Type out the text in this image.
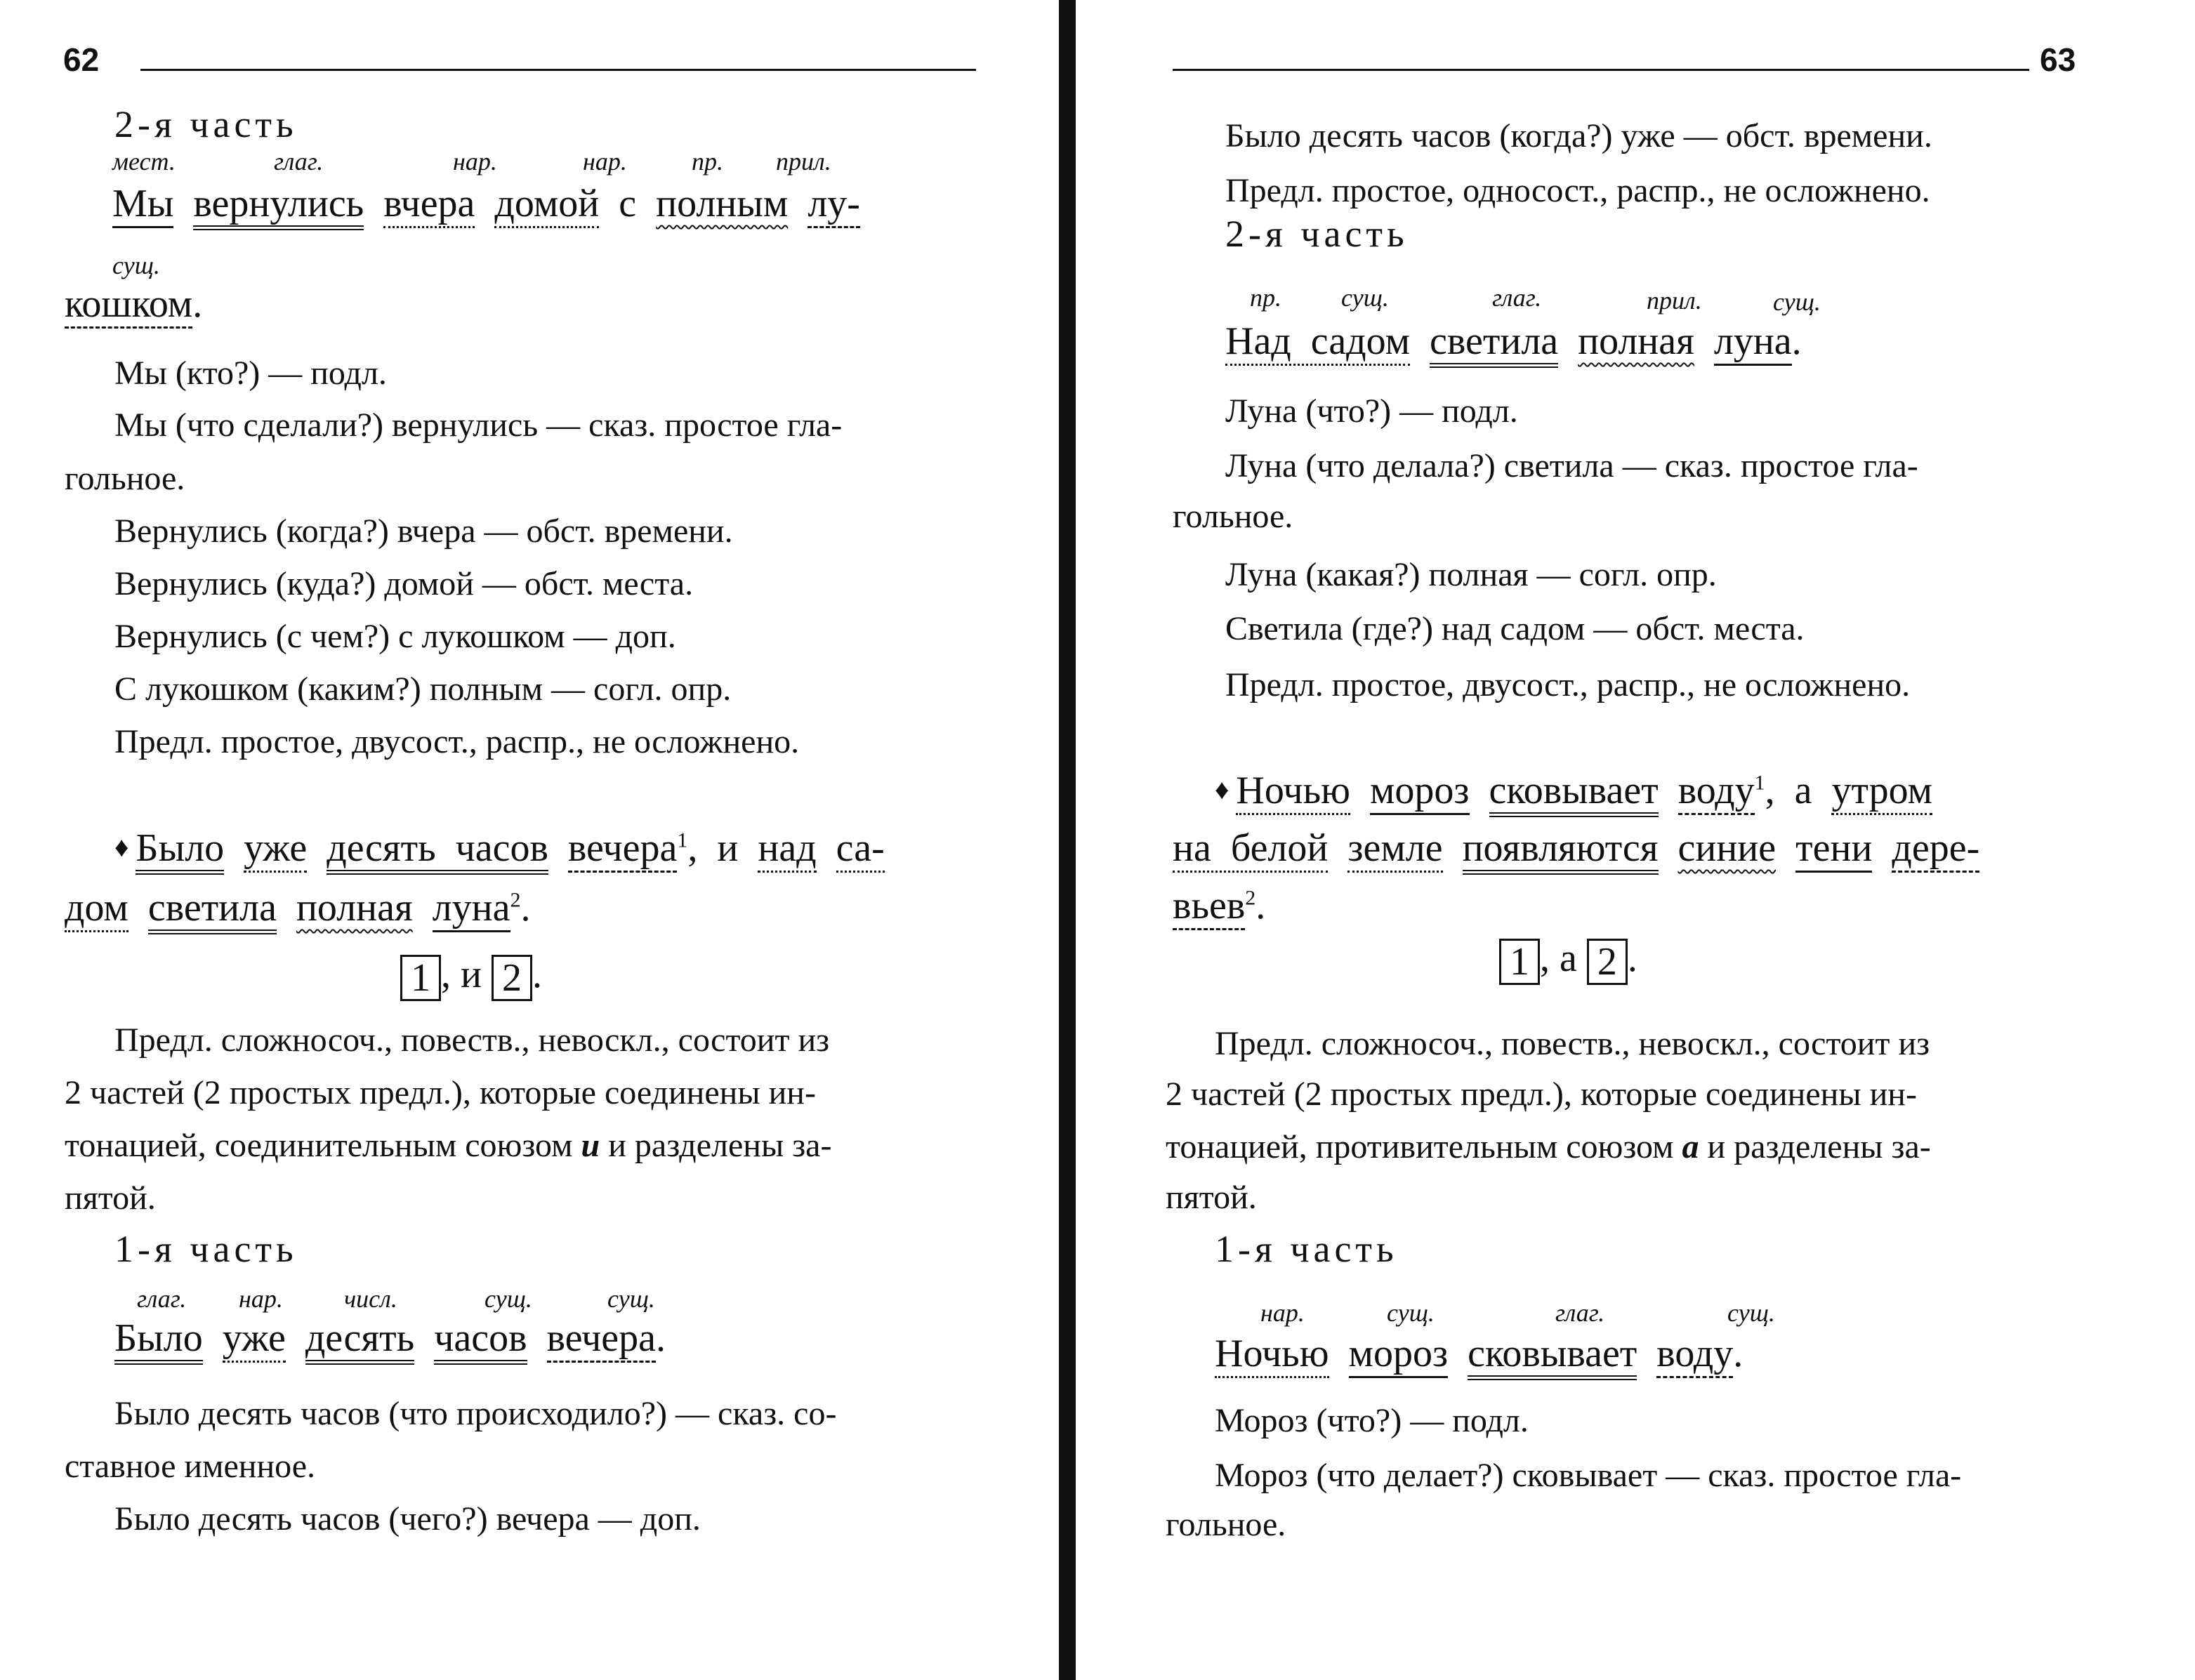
62
2-я часть
мест.	глаг.	нар.	нар.	пр. прил.
Мы вернулись вчера домой с полным лу-
сущ.
кошком.
Мы (кто?) — подл.
Мы (что сделали?) вернулись — сказ. простое гла-
гольное.
Вернулись (когда?) вчера — обст. времени.
Вернулись (куда?) домой — обст. места.
Вернулись (с чем?) с лукошком — доп.
С лукошком (каким?) полным — согл. опр.
Предл. простое, двусост., распр., не осложнено.
♦ Было уже десять часов вечера$^1$, и над са-
дом светила полная луна$^2$.
1 , и 2 .
Предл. сложносоч., повеств., невоскл., состоит из
2 частей (2 простых предл.), которые соединены ин-
тонацией, соединительным союзом и и разделены за-
пятой.
1-я часть
глаг. нар. числ.	сущ.	сущ.
Было уже десять часов вечера.
Было десять часов (что происходило?) — сказ. со-
ставное именное.
Было десять часов (чего?) вечера — доп.
63
Было десять часов (когда?) уже — обст. времени.
Предл. простое, односост., распр., не осложнено.
2-я часть
пр. сущ.	глаг.	прил.	сущ.
Над садом светила полная луна.
Луна (что?) — подл.
Луна (что делала?) светила — сказ. простое гла-
гольное.
Луна (какая?) полная — согл. опр.
Светила (где?) над садом — обст. места.
Предл. простое, двусост., распр., не осложнено.
♦ Ночью мороз сковывает воду$^1$, а утром
на белой земле появляются синие тени дере-
вьев$^2$.
1 , а 2 .
Предл. сложносоч., повеств., невоскл., состоит из
2 частей (2 простых предл.), которые соединены ин-
тонацией, противительным союзом а и разделены за-
пятой.
1-я часть
нар.	сущ.	глаг.	сущ.
Ночью мороз сковывает воду.
Мороз (что?) — подл.
Мороз (что делает?) сковывает — сказ. простое гла-
гольное.
